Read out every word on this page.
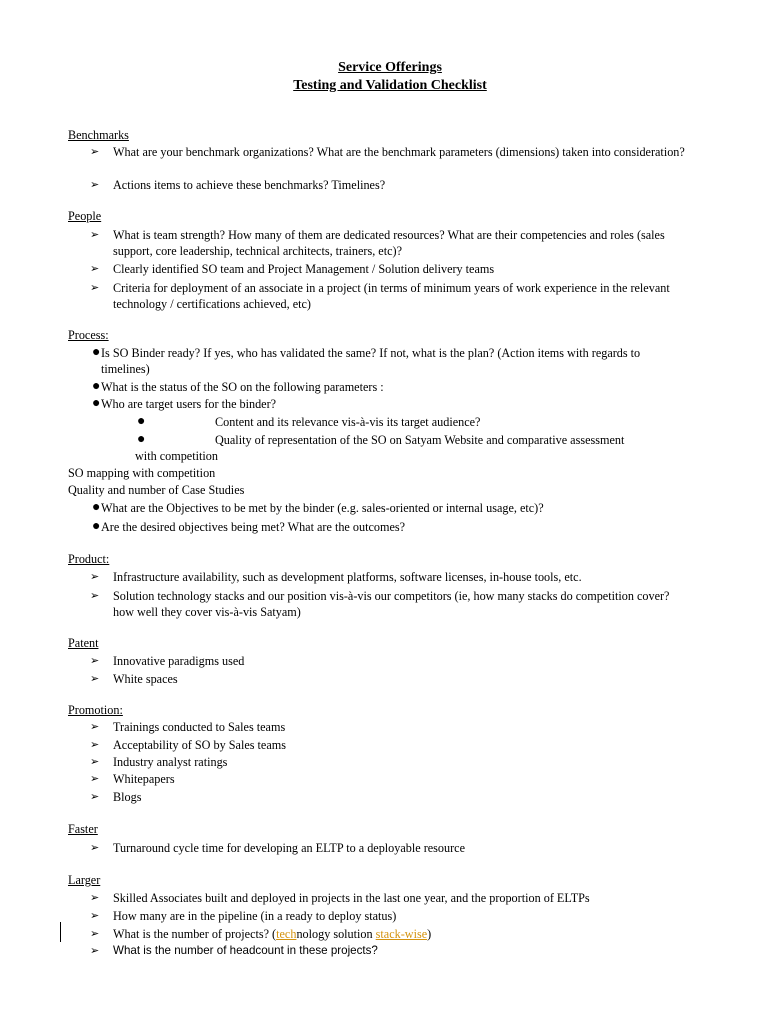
Service Offerings
Testing and Validation Checklist
Benchmarks
➢	What are your benchmark organizations? What are the benchmark parameters (dimensions) taken into consideration?
➢	Actions items to achieve these benchmarks? Timelines?
People
➢	What is team strength? How many of them are dedicated resources? What are their competencies and roles (sales support, core leadership, technical architects, trainers, etc)?
➢	Clearly identified SO team and Project Management / Solution delivery teams
➢	Criteria for deployment of an associate in a project (in terms of minimum years of work experience in the relevant technology / certifications achieved, etc)
Process:
● Is SO Binder ready? If yes, who has validated the same? If not, what is the plan? (Action items with regards to timelines)
● What is the status of the SO on the following parameters :
● Who are target users for the binder?
●	Content and its relevance vis-à-vis its target audience?
●	Quality of representation of the SO on Satyam Website and comparative assessment
with competition
SO mapping with competition
Quality and number of Case Studies
● What are the Objectives to be met by the binder (e.g. sales-oriented or internal usage, etc)?
● Are the desired objectives being met? What are the outcomes?
Product:
➢	Infrastructure availability, such as development platforms, software licenses, in-house tools, etc.
➢	Solution technology stacks and our position vis-à-vis our competitors (ie, how many stacks do competition cover? how well they cover vis-à-vis Satyam)
Patent
➢	Innovative paradigms used
➢	White spaces
Promotion:
➢	Trainings conducted to Sales teams
➢	Acceptability of SO by Sales teams
➢	Industry analyst ratings
➢	Whitepapers
➢	Blogs
Faster
➢	Turnaround cycle time for developing an ELTP to a deployable resource
Larger
➢	Skilled Associates built and deployed in projects in the last one year, and the proportion of ELTPs
➢	How many are in the pipeline (in a ready to deploy status)
➢	What is the number of projects? (technology solution stack-wise)
➢	What is the number of headcount in these projects?
